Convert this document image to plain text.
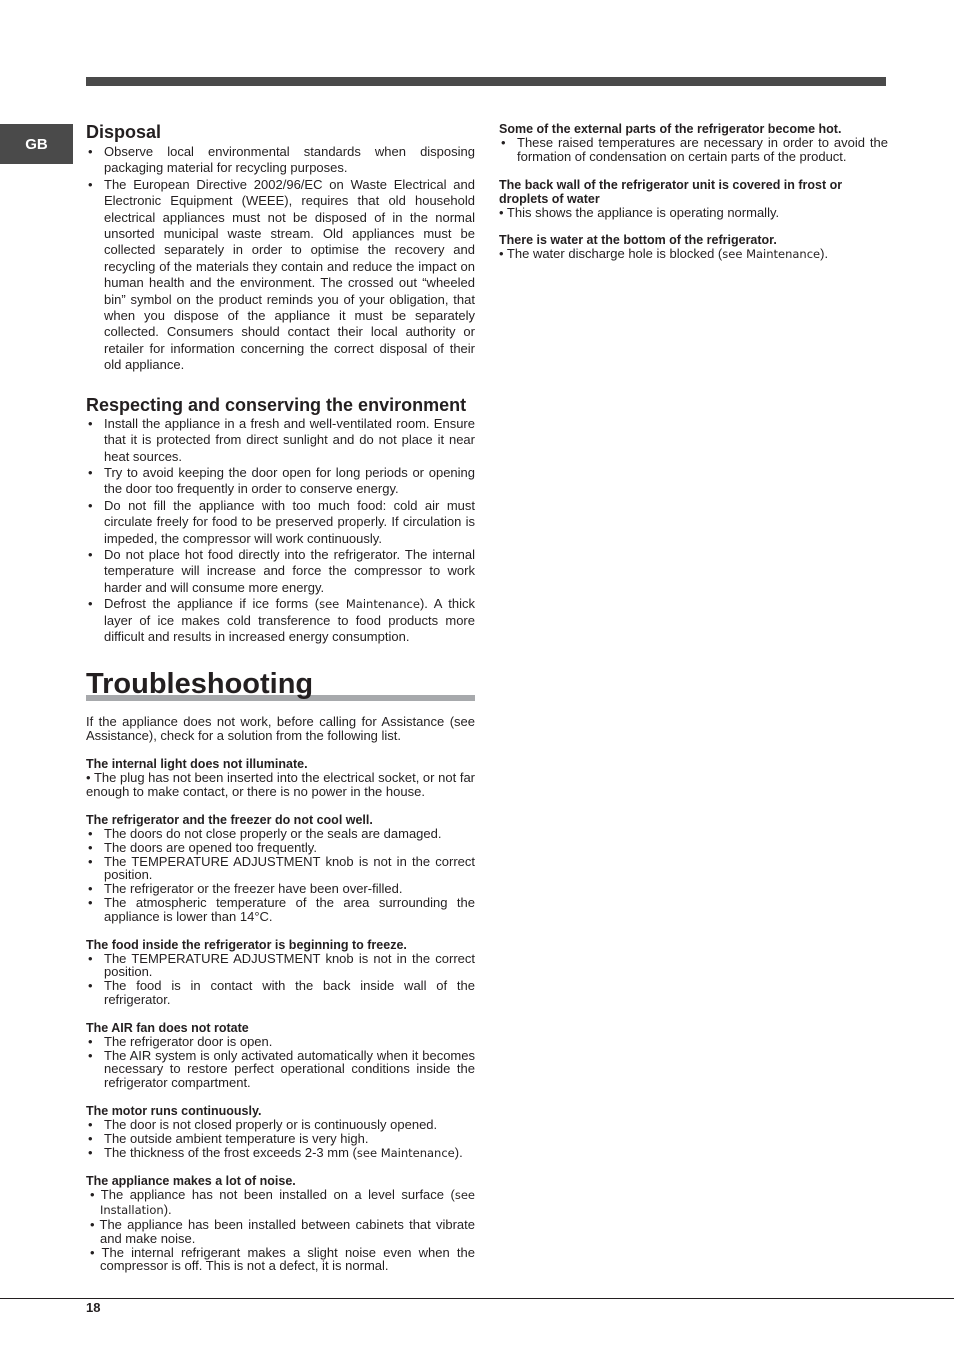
GB
Disposal
• Observe local environmental standards when disposing packaging material for recycling purposes.
• The European Directive 2002/96/EC on Waste Electrical and Electronic Equipment (WEEE), requires that old household electrical appliances must not be disposed of in the normal unsorted municipal waste stream. Old appliances must be collected separately in order to optimise the recovery and recycling of the materials they contain and reduce the impact on human health and the environment. The crossed out “wheeled bin” symbol on the product reminds you of your obligation, that when you dispose of the appliance it must be separately collected. Consumers should contact their local authority or retailer for information concerning the correct disposal of their old appliance.
Respecting and conserving the environment
• Install the appliance in a fresh and well-ventilated room. Ensure that it is protected from direct sunlight and do not place it near heat sources.
• Try to avoid keeping the door open for long periods or opening the door too frequently in order to conserve energy.
• Do not fill the appliance with too much food: cold air must circulate freely for food to be preserved properly. If circulation is impeded, the compressor will work continuously.
• Do not place hot food directly into the refrigerator. The internal temperature will increase and force the compressor to work harder and will consume more energy.
• Defrost the appliance if ice forms (see Maintenance). A thick layer of ice makes cold transference to food products more difficult and results in increased energy consumption.
Troubleshooting

If the appliance does not work, before calling for Assistance (see Assistance), check for a solution from the following list.

The internal light does not illuminate.

• The plug has not been inserted into the electrical socket, or not far enough to make contact, or there is no power in the house.

The refrigerator and the freezer do not cool well.

• The doors do not close properly or the seals are damaged.
• The doors are opened too frequently.
• The TEMPERATURE ADJUSTMENT knob is not in the correct position.
• The refrigerator or the freezer have been over-filled.
• The atmospheric temperature of the area surrounding the appliance is lower than 14°C.

The food inside the refrigerator is beginning to freeze.

• The TEMPERATURE ADJUSTMENT knob is not in the correct position.
• The food is in contact with the back inside wall of the refrigerator.

The AIR fan does not rotate

• The refrigerator door is open.
• The AIR system is only activated automatically when it becomes necessary to restore perfect operational conditions inside the refrigerator compartment.

The motor runs continuously.

• The door is not closed properly or is continuously opened.
• The outside ambient temperature is very high.
• The thickness of the frost exceeds 2-3 mm (see Maintenance).

The appliance makes a lot of noise.

• The appliance has not been installed on a level surface (see Installation).

• The appliance has been installed between cabinets that vibrate and make noise.

• The internal refrigerant makes a slight noise even when the compressor is off. This is not a defect, it is normal.

Some of the external parts of the refrigerator become hot.

• These raised temperatures are necessary in order to avoid the formation of condensation on certain parts of the product.

The back wall of the refrigerator unit is covered in frost or droplets of water

• This shows the appliance is operating normally.

There is water at the bottom of the refrigerator.

• The water discharge hole is blocked (see Maintenance).

18
